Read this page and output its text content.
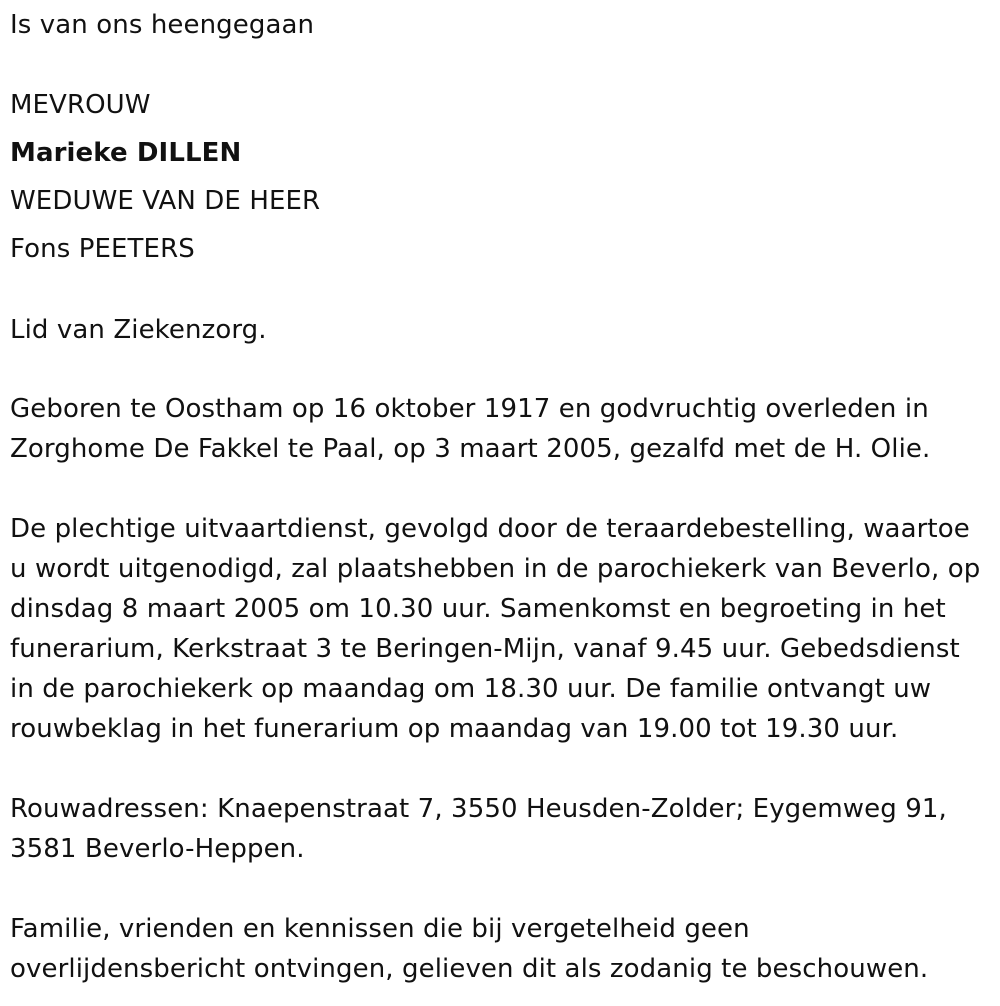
Is van ons heengegaan

MEVROUW

Marieke DILLEN

WEDUWE VAN DE HEER

Fons PEETERS

Lid van Ziekenzorg.

Geboren te Oostham op 16 oktober 1917 en godvruchtig overleden in

Zorghome De Fakkel te Paal, op 3 maart 2005, gezalfd met de H. Olie.

De plechtige uitvaartdienst, gevolgd door de teraardebestelling, waartoe

u wordt uitgenodigd, zal plaatshebben in de parochiekerk van Beverlo, op

dinsdag 8 maart 2005 om 10.30 uur. Samenkomst en begroeting in het

funerarium, Kerkstraat 3 te Beringen-Mijn, vanaf 9.45 uur. Gebedsdienst

in de parochiekerk op maandag om 18.30 uur. De familie ontvangt uw

rouwbeklag in het funerarium op maandag van 19.00 tot 19.30 uur.

Rouwadressen: Knaepenstraat 7, 3550 Heusden-Zolder; Eygemweg 91,

3581 Beverlo-Heppen.

Familie, vrienden en kennissen die bij vergetelheid geen

overlijdensbericht ontvingen, gelieven dit als zodanig te beschouwen.
